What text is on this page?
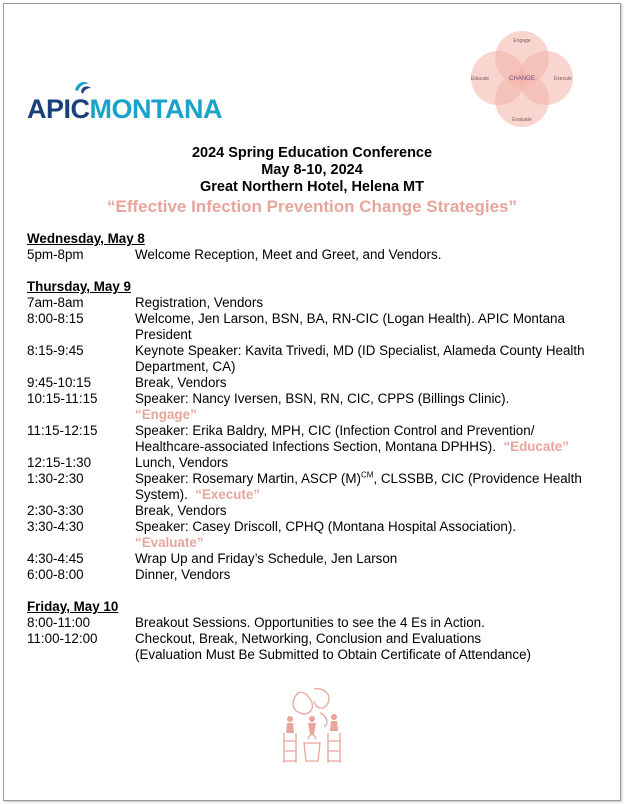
APICMONTANA
Engage
Educate	Execute
Evaluate
CHANGE
2024 Spring Education Conference
May 8-10, 2024
Great Northern Hotel, Helena MT
“Effective Infection Prevention Change Strategies”
Wednesday, May 8
5pm-8pm	Welcome Reception, Meet and Greet, and Vendors.
Thursday, May 9
7am-8am	Registration, Vendors
8:00-8:15	Welcome, Jen Larson, BSN, BA, RN-CIC (Logan Health). APIC Montana President
8:15-9:45	Keynote Speaker: Kavita Trivedi, MD (ID Specialist, Alameda County Health Department, CA)
9:45-10:15	Break, Vendors
10:15-11:15	Speaker: Nancy Iversen, BSN, RN, CIC, CPPS (Billings Clinic).
“Engage”
11:15-12:15	Speaker: Erika Baldry, MPH, CIC (Infection Control and Prevention/ Healthcare-associated Infections Section, Montana DPHHS). “Educate”
12:15-1:30	Lunch, Vendors
1:30-2:30	Speaker: Rosemary Martin, ASCP $(M)^{CM}$, CLSSBB, CIC (Providence Health System). “Execute”
2:30-3:30	Break, Vendors
3:30-4:30	Speaker: Casey Driscoll, CPHQ (Montana Hospital Association).
“Evaluate”
4:30-4:45	Wrap Up and Friday’s Schedule, Jen Larson
6:00-8:00	Dinner, Vendors
Friday, May 10
8:00-11:00	Breakout Sessions. Opportunities to see the 4 Es in Action.
11:00-12:00	Checkout, Break, Networking, Conclusion and Evaluations
(Evaluation Must Be Submitted to Obtain Certificate of Attendance)
